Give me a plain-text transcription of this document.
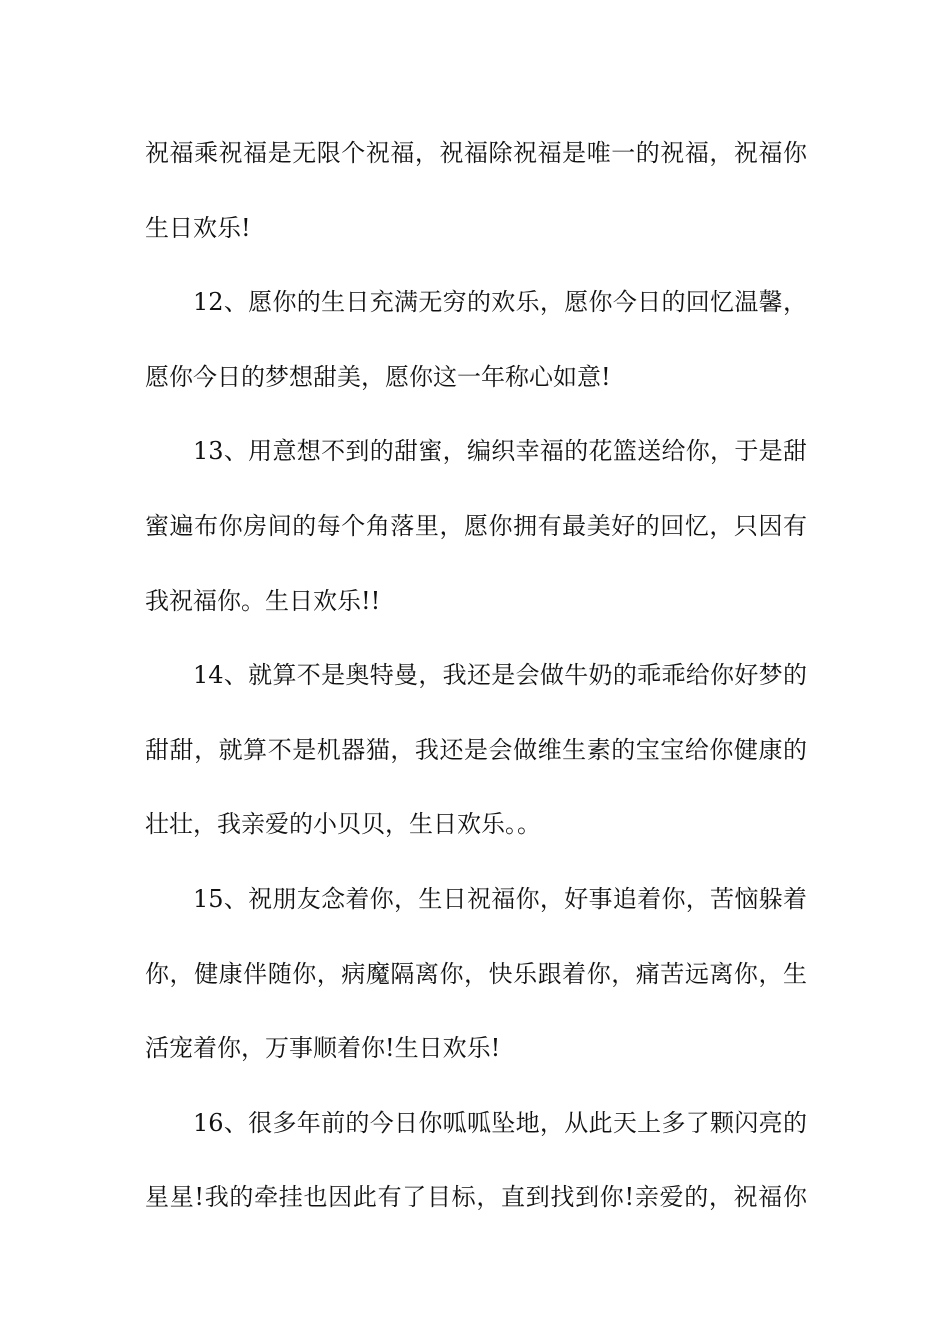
祝福乘祝福是无限个祝福，祝福除祝福是唯一的祝福，祝福你
生日欢乐!
12、愿你的生日充满无穷的欢乐，愿你今日的回忆温馨，
愿你今日的梦想甜美，愿你这一年称心如意!
13、用意想不到的甜蜜，编织幸福的花篮送给你，于是甜
蜜遍布你房间的每个角落里，愿你拥有最美好的回忆，只因有
我祝福你。生日欢乐!!
14、就算不是奥特曼，我还是会做牛奶的乖乖给你好梦的
甜甜，就算不是机器猫，我还是会做维生素的宝宝给你健康的
壮壮，我亲爱的小贝贝，生日欢乐。。
15、祝朋友念着你，生日祝福你，好事追着你，苦恼躲着
你，健康伴随你，病魔隔离你，快乐跟着你，痛苦远离你，生
活宠着你，万事顺着你!生日欢乐!
16、很多年前的今日你呱呱坠地，从此天上多了颗闪亮的
星星!我的牵挂也因此有了目标，直到找到你!亲爱的，祝福你
